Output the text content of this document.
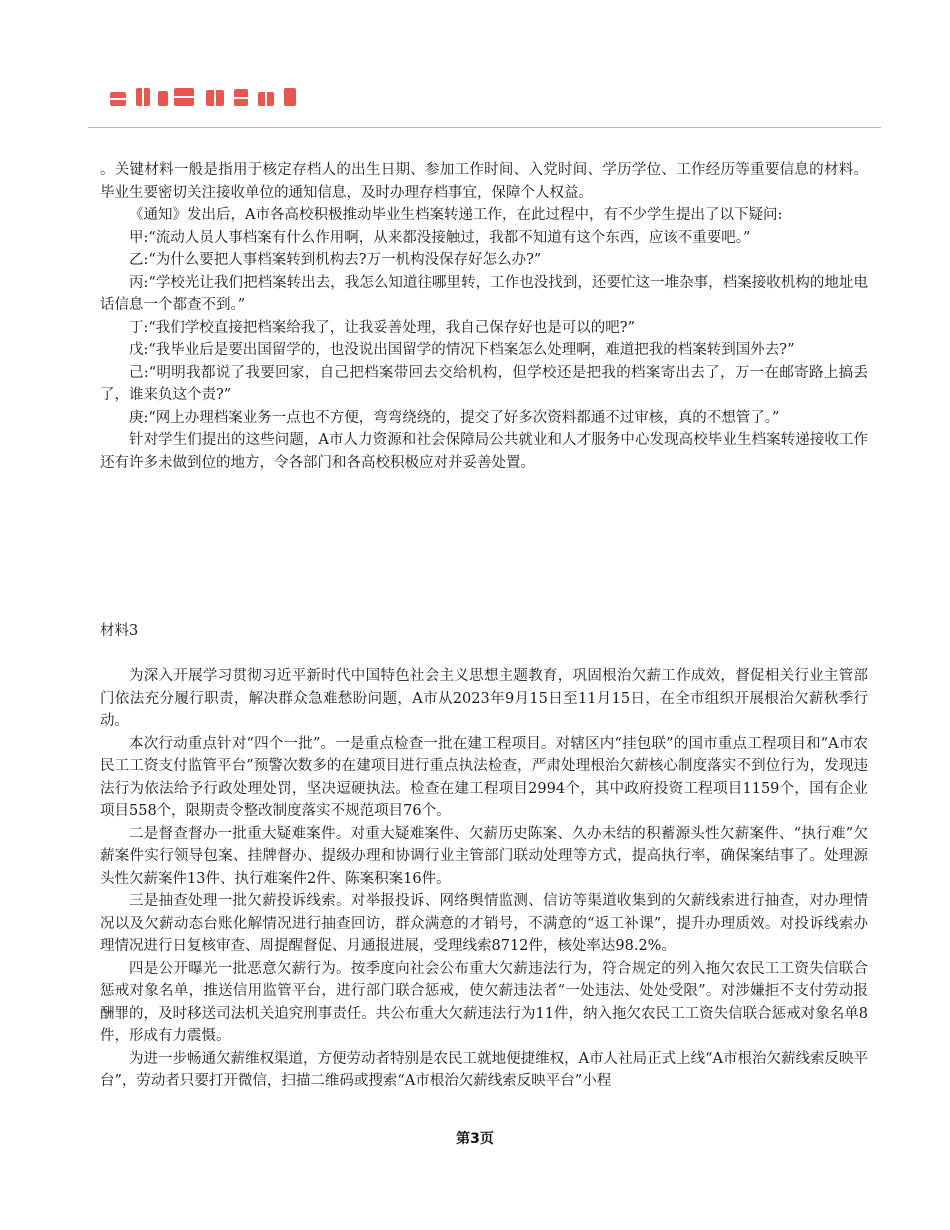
。关键材料一般是指用于核定存档人的出生日期、参加工作时间、入党时间、学历学位、工作经历等重要信息的材料。毕业生要密切关注接收单位的通知信息，及时办理存档事宜，保障个人权益。

《通知》发出后，A市各高校积极推动毕业生档案转递工作，在此过程中，有不少学生提出了以下疑问:

甲:“流动人员人事档案有什么作用啊，从来都没接触过，我都不知道有这个东西，应该不重要吧。”

乙:“为什么要把人事档案转到机构去?万一机构没保存好怎么办?”

丙:“学校光让我们把档案转出去，我怎么知道往哪里转，工作也没找到，还要忙这一堆杂事，档案接收机构的地址电话信息一个都查不到。”

丁:“我们学校直接把档案给我了，让我妥善处理，我自己保存好也是可以的吧?”

戊:“我毕业后是要出国留学的，也没说出国留学的情况下档案怎么处理啊，难道把我的档案转到国外去?”

己:“明明我都说了我要回家，自己把档案带回去交给机构，但学校还是把我的档案寄出去了，万一在邮寄路上搞丢了，谁来负这个责?”

庚:“网上办理档案业务一点也不方便，弯弯绕绕的，提交了好多次资料都通不过审核，真的不想管了。”

针对学生们提出的这些问题，A市人力资源和社会保障局公共就业和人才服务中心发现高校毕业生档案转递接收工作还有许多未做到位的地方，令各部门和各高校积极应对并妥善处置。

材料3

为深入开展学习贯彻习近平新时代中国特色社会主义思想主题教育，巩固根治欠薪工作成效，督促相关行业主管部门依法充分履行职责，解决群众急难愁盼问题，A市从2023年9月15日至11月15日，在全市组织开展根治欠薪秋季行动。

本次行动重点针对“四个一批”。一是重点检查一批在建工程项目。对辖区内“挂包联”的国市重点工程项目和“A市农民工工资支付监管平台”预警次数多的在建项目进行重点执法检查，严肃处理根治欠薪核心制度落实不到位行为，发现违法行为依法给予行政处理处罚，坚决逗硬执法。检查在建工程项目2994个，其中政府投资工程项目1159个，国有企业项目558个，限期责令整改制度落实不规范项目76个。

二是督查督办一批重大疑难案件。对重大疑难案件、欠薪历史陈案、久办未结的积蓄源头性欠薪案件、“执行难”欠薪案件实行领导包案、挂牌督办、提级办理和协调行业主管部门联动处理等方式，提高执行率，确保案结事了。处理源头性欠薪案件13件、执行难案件2件、陈案积案16件。

三是抽查处理一批欠薪投诉线索。对举报投诉、网络舆情监测、信访等渠道收集到的欠薪线索进行抽查，对办理情况以及欠薪动态台账化解情况进行抽查回访，群众满意的才销号，不满意的“返工补课”，提升办理质效。对投诉线索办理情况进行日复核审查、周提醒督促、月通报进展，受理线索8712件，核处率达98.2%。

四是公开曝光一批恶意欠薪行为。按季度向社会公布重大欠薪违法行为，符合规定的列入拖欠农民工工资失信联合惩戒对象名单，推送信用监管平台，进行部门联合惩戒，使欠薪违法者“一处违法、处处受限”。对涉嫌拒不支付劳动报酬罪的，及时移送司法机关追究刑事责任。共公布重大欠薪违法行为11件，纳入拖欠农民工工资失信联合惩戒对象名单8件，形成有力震慑。

为进一步畅通欠薪维权渠道，方便劳动者特别是农民工就地便捷维权，A市人社局正式上线“A市根治欠薪线索反映平台”，劳动者只要打开微信，扫描二维码或搜索“A市根治欠薪线索反映平台”小程

第3页
